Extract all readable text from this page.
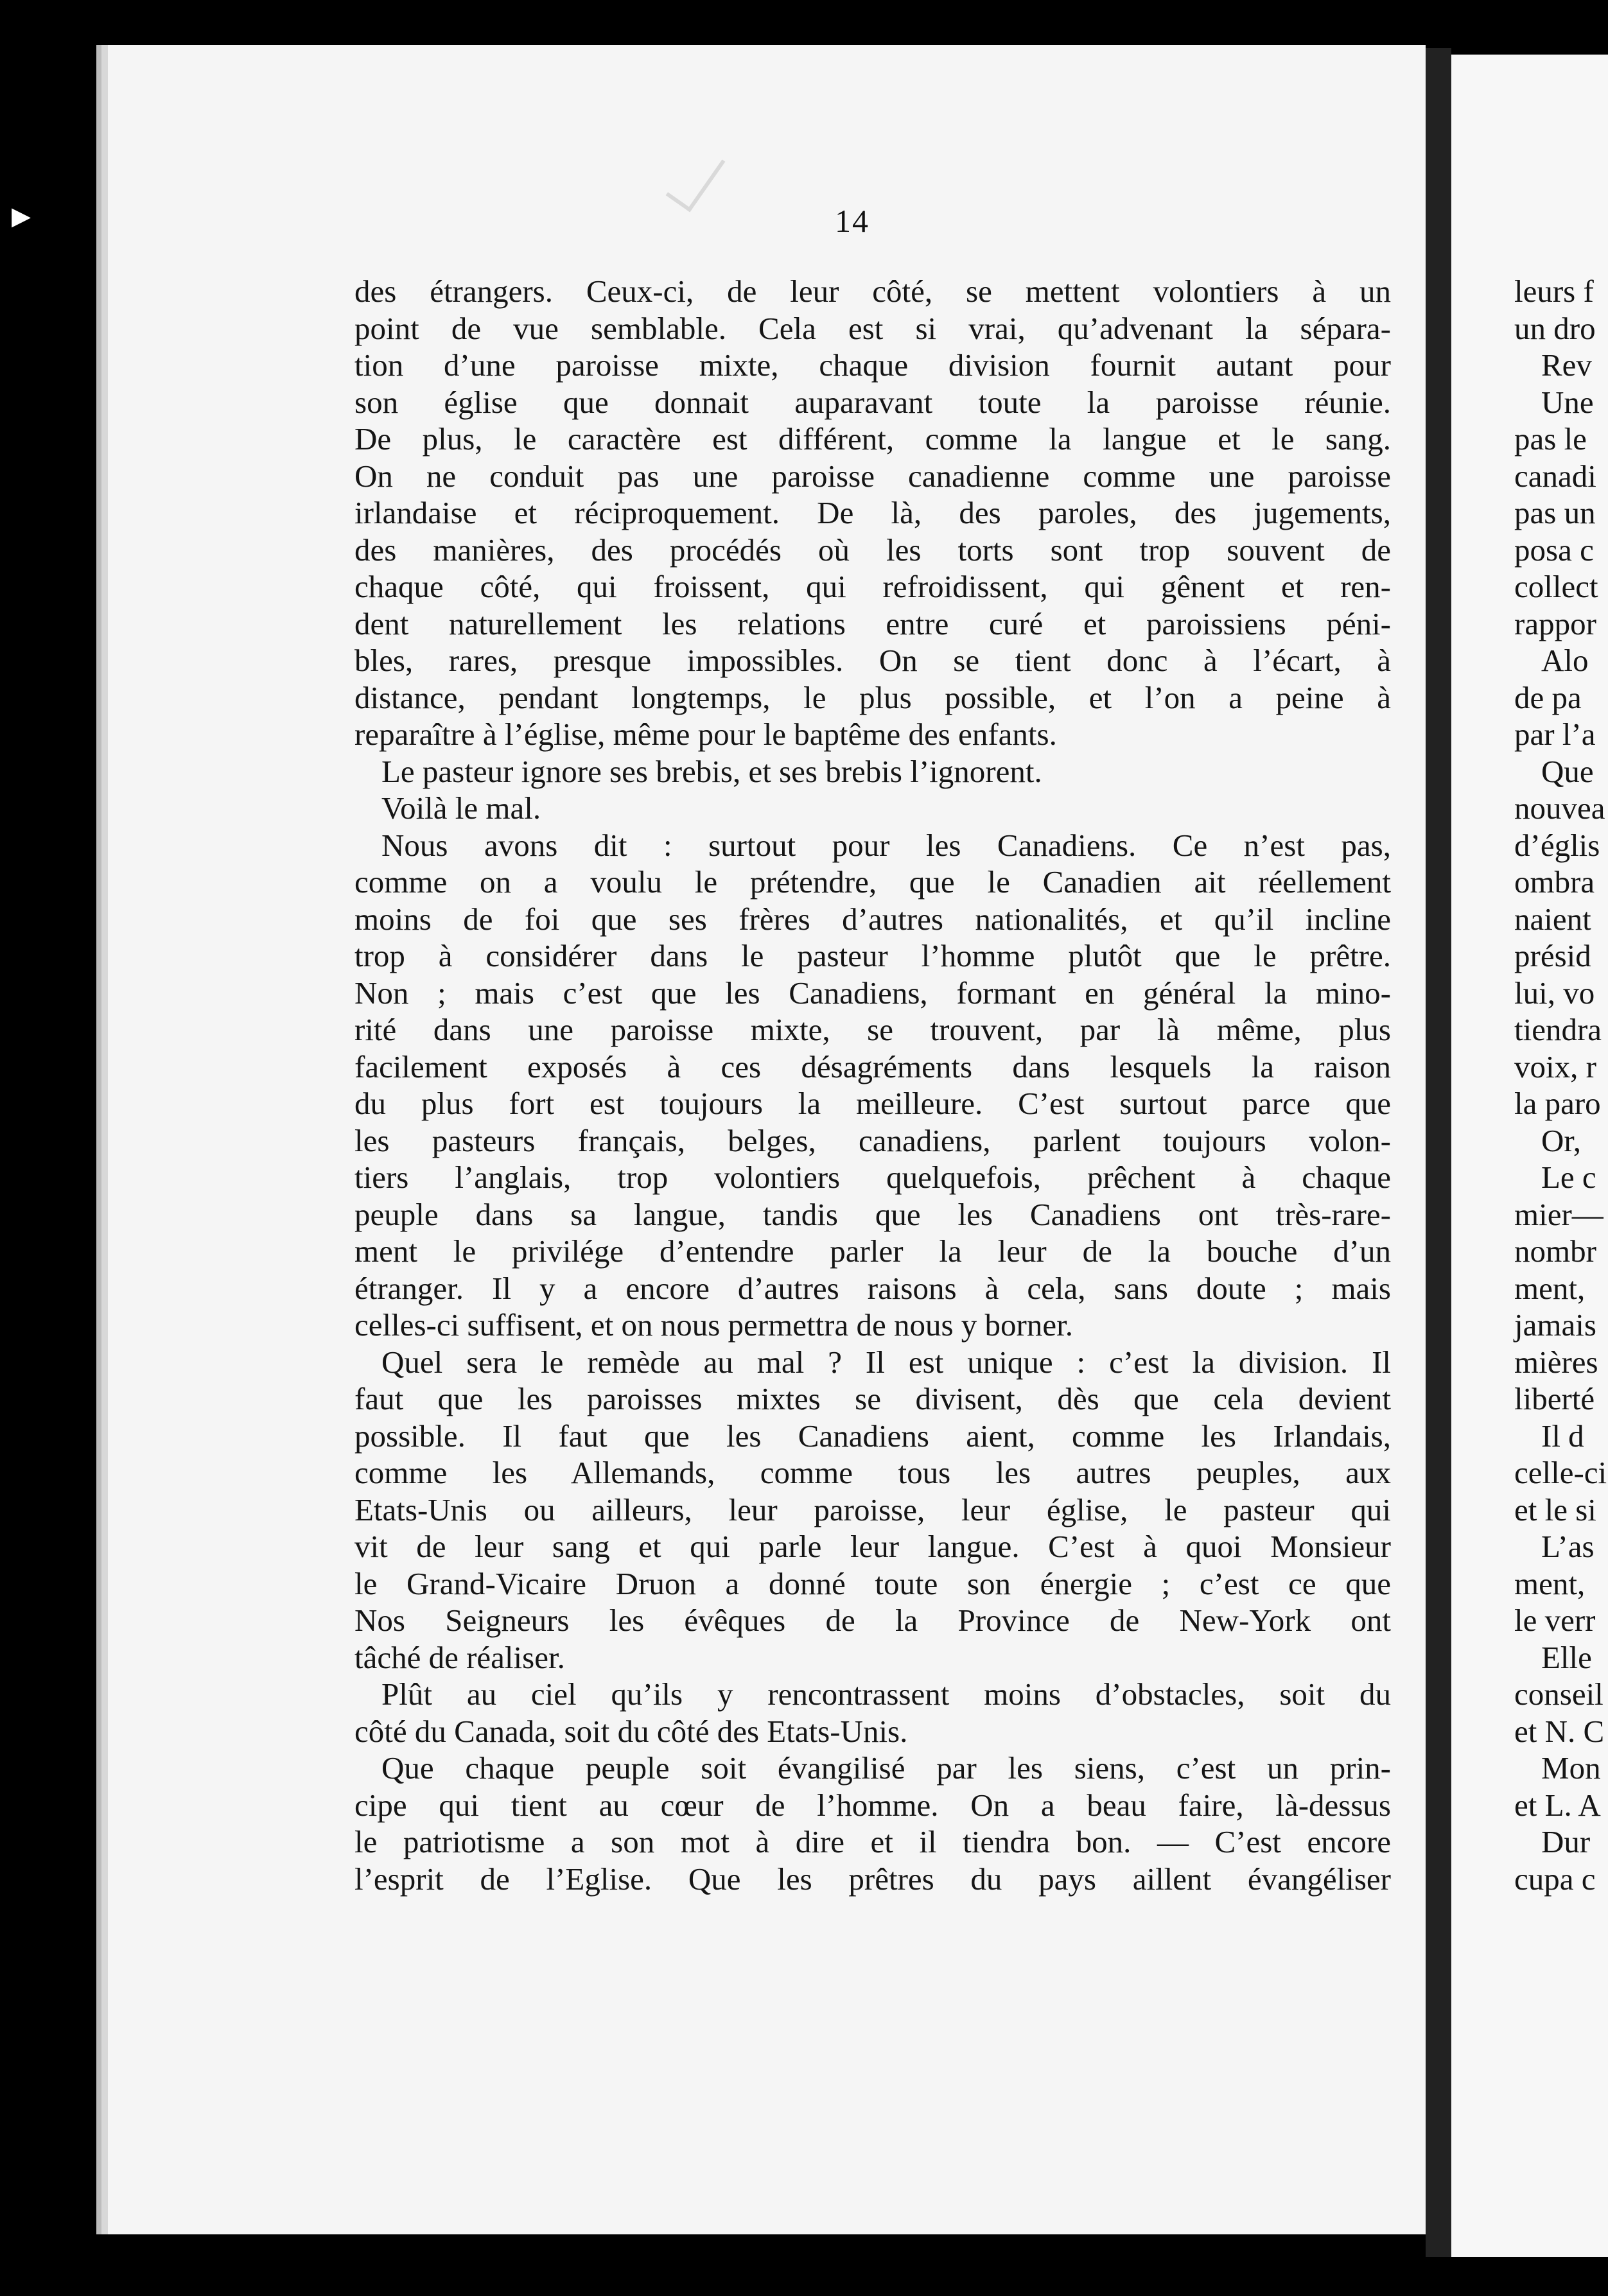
14
des étrangers. Ceux-ci, de leur côté, se mettent volontiers à un
point de vue semblable. Cela est si vrai, qu’advenant la sépara-
tion d’une paroisse mixte, chaque division fournit autant pour
son église que donnait auparavant toute la paroisse réunie.
De plus, le caractère est différent, comme la langue et le sang.
On ne conduit pas une paroisse canadienne comme une paroisse
irlandaise et réciproquement. De là, des paroles, des jugements,
des manières, des procédés où les torts sont trop souvent de
chaque côté, qui froissent, qui refroidissent, qui gênent et ren-
dent naturellement les relations entre curé et paroissiens péni-
bles, rares, presque impossibles. On se tient donc à l’écart, à
distance, pendant longtemps, le plus possible, et l’on a peine à
reparaître à l’église, même pour le baptême des enfants.
Le pasteur ignore ses brebis, et ses brebis l’ignorent.
Voilà le mal.
Nous avons dit : surtout pour les Canadiens. Ce n’est pas,
comme on a voulu le prétendre, que le Canadien ait réellement
moins de foi que ses frères d’autres nationalités, et qu’il incline
trop à considérer dans le pasteur l’homme plutôt que le prêtre.
Non ; mais c’est que les Canadiens, formant en général la mino-
rité dans une paroisse mixte, se trouvent, par là même, plus
facilement exposés à ces désagréments dans lesquels la raison
du plus fort est toujours la meilleure. C’est surtout parce que
les pasteurs français, belges, canadiens, parlent toujours volon-
tiers l’anglais, trop volontiers quelquefois, prêchent à chaque
peuple dans sa langue, tandis que les Canadiens ont très-rare-
ment le privilége d’entendre parler la leur de la bouche d’un
étranger. Il y a encore d’autres raisons à cela, sans doute ; mais
celles-ci suffisent, et on nous permettra de nous y borner.
Quel sera le remède au mal ? Il est unique : c’est la division. Il
faut que les paroisses mixtes se divisent, dès que cela devient
possible. Il faut que les Canadiens aient, comme les Irlandais,
comme les Allemands, comme tous les autres peuples, aux
Etats-Unis ou ailleurs, leur paroisse, leur église, le pasteur qui
vit de leur sang et qui parle leur langue. C’est à quoi Monsieur
le Grand-Vicaire Druon a donné toute son énergie ; c’est ce que
Nos Seigneurs les évêques de la Province de New-York ont
tâché de réaliser.
Plût au ciel qu’ils y rencontrassent moins d’obstacles, soit du
côté du Canada, soit du côté des Etats-Unis.
Que chaque peuple soit évangilisé par les siens, c’est un prin-
cipe qui tient au cœur de l’homme. On a beau faire, là-dessus
le patriotisme a son mot à dire et il tiendra bon. — C’est encore
l’esprit de l’Eglise. Que les prêtres du pays aillent évangéliser
leurs f
un dro
Rev
Une
pas le
canadi
pas un
posa c
collect
rappor
Alo
de pa
par l’a
Que
nouvea
d’églis
ombra
naient
présid
lui, vo
tiendra
voix, r
la paro
Or,
Le c
mier—
nombr
ment,
jamais
mières
liberté
Il d
celle-ci
et le si
L’as
ment,
le verr
Elle
conseil
et N. C
Mon
et L. A
Dur
cupa c
▸
